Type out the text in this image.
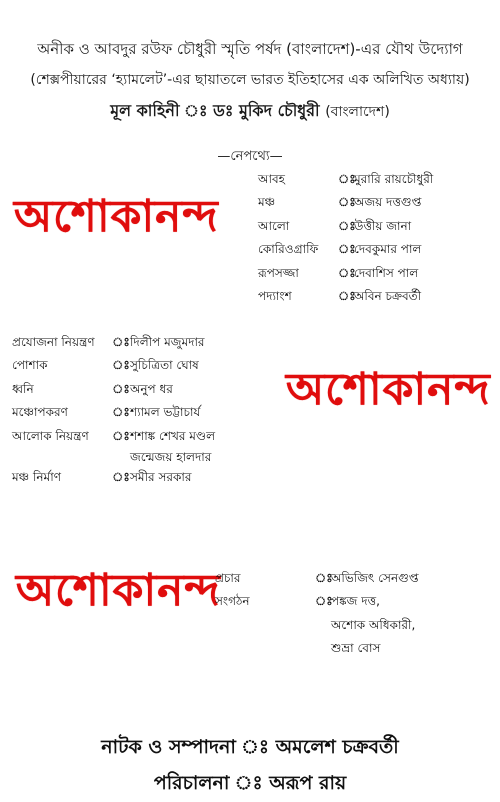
অনীক ও আবদুর রউফ চৌধুরী স্মৃতি পর্ষদ (বাংলাদেশ)-এর যৌথ উদ্যোগ
(শেক্সপীয়ারের ‘হ্যামলেট’-এর ছায়াতলে ভারত ইতিহাসের এক অলিখিত অধ্যায়)
মূল কাহিনী ডঃ মুকিদ চৌধুরী (বাংলাদেশ)
—নেপথ্যে—
অশোকানন্দ
অশোকানন্দ
অশোকানন্দ
আবহ	ঃ
মুরারি রায়চৌধুরী
মঞ্চ	ঃ
অজয় দত্তগুপ্ত
আলো	ঃ
উত্তীয় জানা
কোরিওগ্রাফি	ঃ
দেবকুমার পাল
রূপসজ্জা	ঃ
দেবাশিস পাল
পদ্যাংশ	ঃ
অবিন চক্রবর্তী
প্রযোজনা নিয়ন্ত্রণ	ঃ দিলীপ মজুমদার
পোশাক	ঃ সুচিত্রিতা ঘোষ
ধ্বনি	ঃ অনুপ ধর
মঞ্চোপকরণ	ঃ শ্যামল ভট্টাচার্য
আলোক নিয়ন্ত্রণ	ঃ শশাঙ্ক শেখর মণ্ডল
জন্মেজয় হালদার
মঞ্চ নির্মাণ	ঃ সমীর সরকার
প্রচার	ঃ
অভিজিৎ সেনগুপ্ত
সংগঠন	ঃ
পঙ্কজ দত্ত,
অশোক অধিকারী,
শুভ্রা বোস
নাটক ও সম্পাদনা অমলেশ চক্রবর্তী
পরিচালনা অরূপ রায়
